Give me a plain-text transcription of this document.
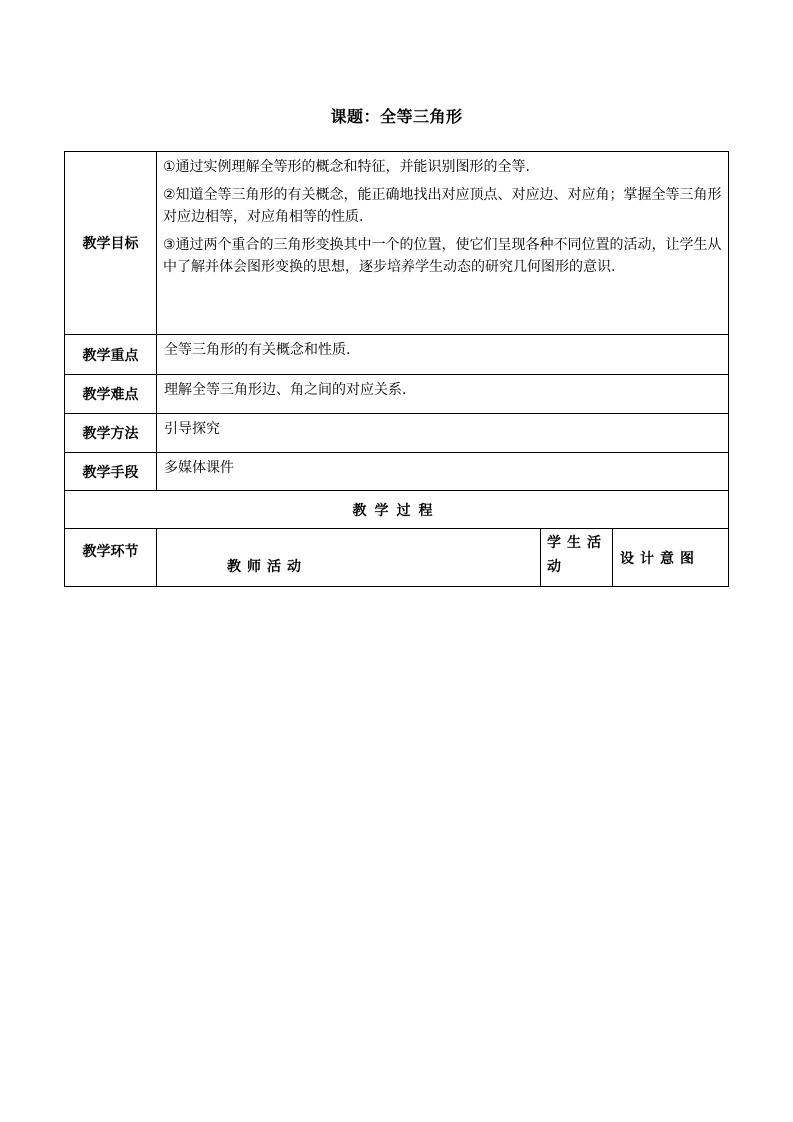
课题：全等三角形
教学目标	①通过实例理解全等形的概念和特征，并能识别图形的全等.

②知道全等三角形的有关概念，能正确地找出对应顶点、对应边、对应角；掌握全等三角形对应边相等，对应角相等的性质.

③通过两个重合的三角形变换其中一个的位置，使它们呈现各种不同位置的活动，让学生从中了解并体会图形变换的思想，逐步培养学生动态的研究几何图形的意识.		

教学重点	全等三角形的有关概念和性质.		
教学难点	理解全等三角形边、角之间的对应关系.		
教学方法	引导探究		
教学手段	多媒体课件		
教学过程			
教学环节	教师活动	学生活动	设计意图
